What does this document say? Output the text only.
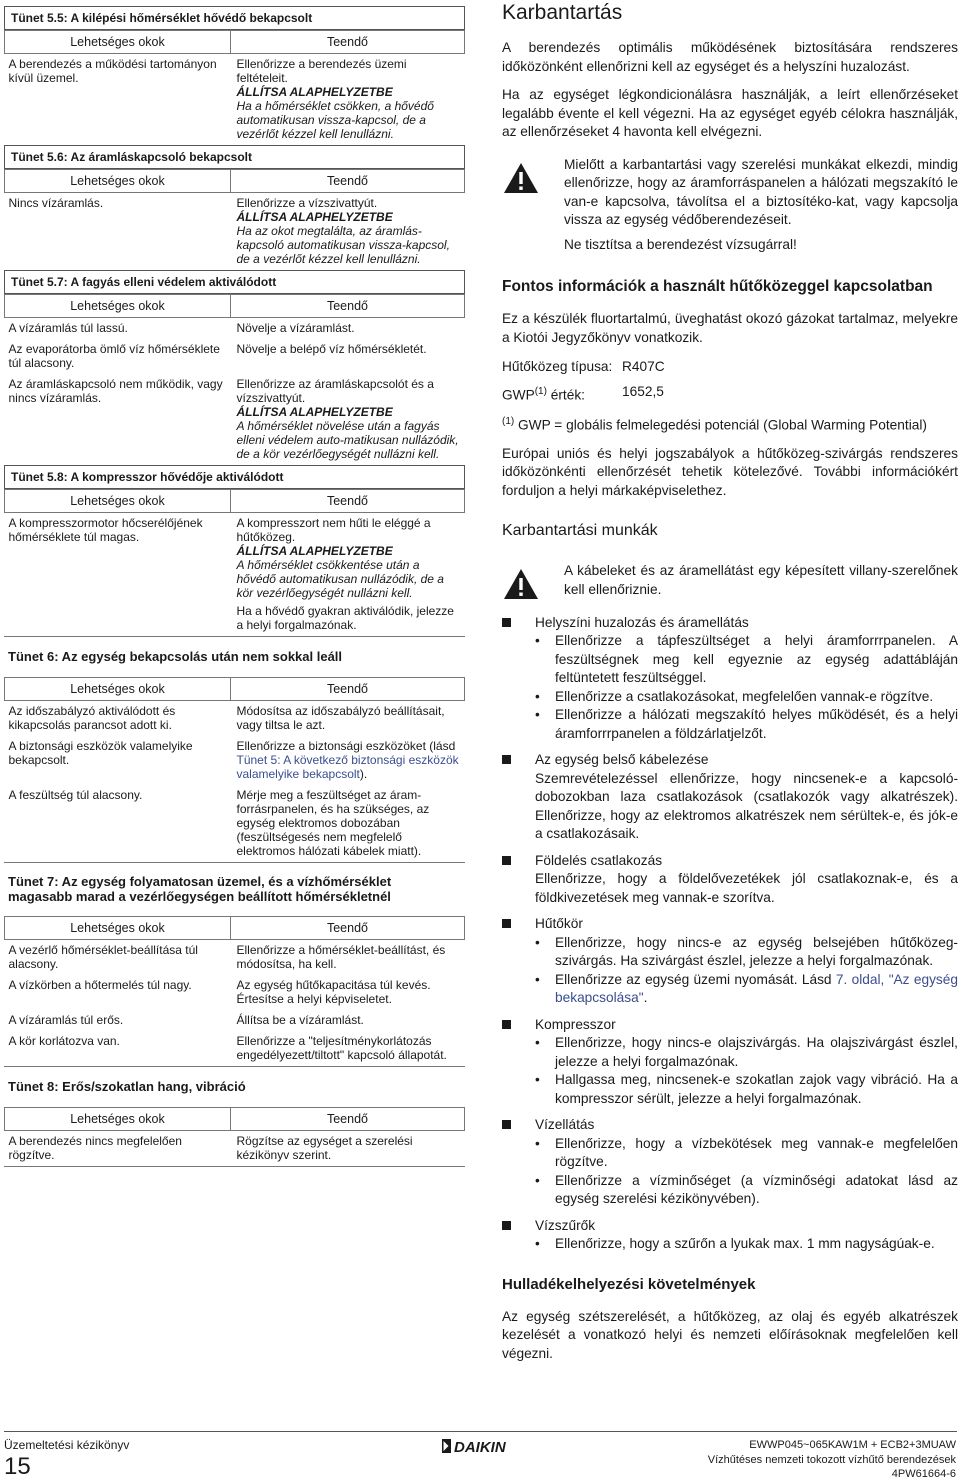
Tünet 5.5: A kilépési hőmérséklet hővédő bekapcsolt
Lehetséges okok	Teendő
A berendezés a működési tartományon kívül üzemel.	Ellenőrizze a berendezés üzemi feltételeit.
ÁLLÍTSA ALAPHELYZETBE
Ha a hőmérséklet csökken, a hővédő automatikusan vissza-kapcsol, de a vezérlőt kézzel kell lenullázni.
Tünet 5.6: Az áramláskapcsoló bekapcsolt
Lehetséges okok	Teendő
Nincs vízáramlás.	Ellenőrizze a vízszivattyút.
ÁLLÍTSA ALAPHELYZETBE
Ha az okot megtalálta, az áramlás-kapcsoló automatikusan vissza-kapcsol, de a vezérlőt kézzel kell lenullázni.
Tünet 5.7: A fagyás elleni védelem aktiválódott
Lehetséges okok	Teendő
A vízáramlás túl lassú.	Növelje a vízáramlást.
Az evaporátorba ömlő víz hőmérséklete túl alacsony.	Növelje a belépő víz hőmérsékletét.
Az áramláskapcsoló nem működik, vagy nincs vízáramlás.	Ellenőrizze az áramláskapcsolót és a vízszivattyút.
ÁLLÍTSA ALAPHELYZETBE
A hőmérséklet növelése után a fagyás elleni védelem auto-matikusan nullázódik, de a kör vezérlőegységét nullázni kell.
Tünet 5.8: A kompresszor hővédője aktiválódott
Lehetséges okok	Teendő
A kompresszormotor hőcserélőjének hőmérséklete túl magas.	A kompresszort nem hűti le eléggé a hűtőközeg.
ÁLLÍTSA ALAPHELYZETBE
A hőmérséklet csökkentése után a hővédő automatikusan nullázódik, de a kör vezérlőegységét nullázni kell.
Ha a hővédő gyakran aktiválódik, jelezze a helyi forgalmazónak.
Tünet 6: Az egység bekapcsolás után nem sokkal leáll
Lehetséges okok	Teendő
Az időszabályzó aktiválódott és kikapcsolás parancsot adott ki.	Módosítsa az időszabályzó beállításait, vagy tiltsa le azt.
A biztonsági eszközök valamelyike bekapcsolt.	Ellenőrizze a biztonsági eszközöket (lásd Tünet 5: A következő biztonsági eszközök valamelyike bekapcsolt).
A feszültség túl alacsony.	Mérje meg a feszültséget az áram-forrásrpanelen, és ha szükséges, az egység elektromos dobozában (feszültségesés nem megfelelő elektromos hálózati kábelek miatt).
Tünet 7: Az egység folyamatosan üzemel, és a vízhőmérséklet magasabb marad a vezérlőegységen beállított hőmérsékletnél
Lehetséges okok	Teendő
A vezérlő hőmérséklet-beállítása túl alacsony.	Ellenőrizze a hőmérséklet-beállítást, és módosítsa, ha kell.
A vízkörben a hőtermelés túl nagy.	Az egység hűtőkapacitása túl kevés. Értesítse a helyi képviseletet.
A vízáramlás túl erős.	Állítsa be a vízáramlást.
A kör korlátozva van.	Ellenőrizze a "teljesítménykorlátozás engedélyezett/tiltott" kapcsoló állapotát.
Tünet 8: Erős/szokatlan hang, vibráció
Lehetséges okok	Teendő
A berendezés nincs megfelelően rögzítve.	Rögzítse az egységet a szerelési kézikönyv szerint.
Karbantartás

A berendezés optimális működésének biztosítására rendszeres időközönként ellenőrizni kell az egységet és a helyszíni huzalozást.

Ha az egységet légkondicionálásra használják, a leírt ellenőrzéseket legalább évente el kell végezni. Ha az egységet egyéb célokra használják, az ellenőrzéseket 4 havonta kell elvégezni.

Mielőtt a karbantartási vagy szerelési munkákat elkezdi, mindig ellenőrizze, hogy az áramforráspanelen a hálózati megszakító le van-e kapcsolva, távolítsa el a biztosítéko-kat, vagy kapcsolja vissza az egység védőberendezéseit.
Ne tisztítsa a berendezést vízsugárral!
Fontos információk a használt hűtőközeggel kapcsolatban

Ez a készülék fluortartalmú, üveghatást okozó gázokat tartalmaz, melyekre a Kiotói Jegyzőkönyv vonatkozik.

Hűtőközeg típusa: R407C
GWP$^{(1)}$ érték:	1652,5
$^{(1)}$ GWP = globális felmelegedési potenciál (Global Warming Potential)

Európai uniós és helyi jogszabályok a hűtőközeg-szivárgás rendszeres időközönkénti ellenőrzését tehetik kötelezővé. További információkért forduljon a helyi márkaképviselethez.

Karbantartási munkák
A kábeleket és az áramellátást egy képesített villany-szerelőnek kell ellenőriznie.
Helyszíni huzalozás és áramellátás
•	Ellenőrizze a tápfeszültséget a helyi áramforrrpanelen. A feszültségnek meg kell egyeznie az egység adattábláján feltüntetett feszültséggel.
•	Ellenőrizze a csatlakozásokat, megfelelően vannak-e rögzítve.
•	Ellenőrizze a hálózati megszakító helyes működését, és a helyi áramforrrpanelen a földzárlatjelzőt.
Az egység belső kábelezése
Szemrevételezéssel ellenőrizze, hogy nincsenek-e a kapcsoló-dobozokban laza csatlakozások (csatlakozók vagy alkatrészek). Ellenőrizze, hogy az elektromos alkatrészek nem sérültek-e, és jók-e a csatlakozásaik.
Földelés csatlakozás
Ellenőrizze, hogy a földelővezetékek jól csatlakoznak-e, és a földkivezetések meg vannak-e szorítva.
Hűtőkör
•	Ellenőrizze, hogy nincs-e az egység belsejében hűtőközeg-szivárgás. Ha szivárgást észlel, jelezze a helyi forgalmazónak.
•	Ellenőrizze az egység üzemi nyomását. Lásd 7. oldal, "Az egység bekapcsolása".
Kompresszor
•	Ellenőrizze, hogy nincs-e olajszivárgás. Ha olajszivárgást észlel, jelezze a helyi forgalmazónak.
•	Hallgassa meg, nincsenek-e szokatlan zajok vagy vibráció. Ha a kompresszor sérült, jelezze a helyi forgalmazónak.
Vízellátás
•	Ellenőrizze, hogy a vízbekötések meg vannak-e megfelelően rögzítve.
•	Ellenőrizze a vízminőséget (a vízminőségi adatokat lásd az egység szerelési kézikönyvében).
Vízszűrők
•	Ellenőrizze, hogy a szűrőn a lyukak max. 1 mm nagyságúak-e.
Hulladékelhelyezési követelmények

Az egység szétszerelését, a hűtőközeg, az olaj és egyéb alkatrészek kezelését a vonatkozó helyi és nemzeti előírásoknak megfelelően kell végezni.

Üzemeltetési kézikönyv
15
DAIKIN	EWWP045~065KAW1M + ECB2+3MUAW
Vízhűtéses nemzeti tokozott vízhűtő berendezések
4PW61664-6
